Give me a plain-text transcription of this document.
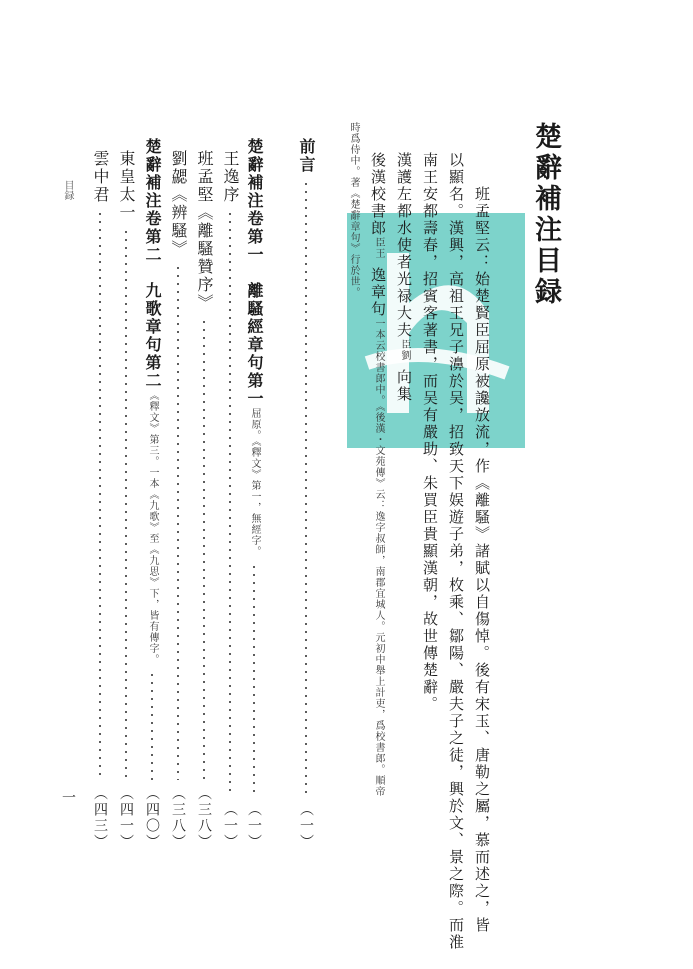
楚辭補注目録
班孟堅云：始楚賢臣屈原被讒放流，作《離騷》諸賦以自傷悼。後有宋玉、唐勒之屬，慕而述之，皆
以顯名。漢興，高祖王兄子濞於吴，招致天下娱遊子弟，枚乘、鄒陽、嚴夫子之徒，興於文、景之際。而淮
南王安都壽春，招賓客著書，而吴有嚴助、朱買臣貴顯漢朝，故世傳楚辭。
漢護左都水使者光禄大夫臣劉向集
後漢校書郎臣王逸章句一本云校書郎中。《後漢・文苑傳》云：逸字叔師，南郡宜城人。元初中舉上計吏，爲校書郎。順帝
時爲侍中。著《楚辭章句》行於世。
前言
（一）
楚辭補注卷第一　離騷經章句第一
屈原。《釋文》第一，無經字。
（一）
王逸序
（一）
班孟堅《離騷贊序》
（三八）
劉勰《辨騷》
（三八）
楚辭補注卷第二　九歌章句第二
《釋文》第三。一本《九歌》至《九思》下，皆有傳字。
（四〇）
東皇太一
（四一）
雲中君
（四三）
目録
一
